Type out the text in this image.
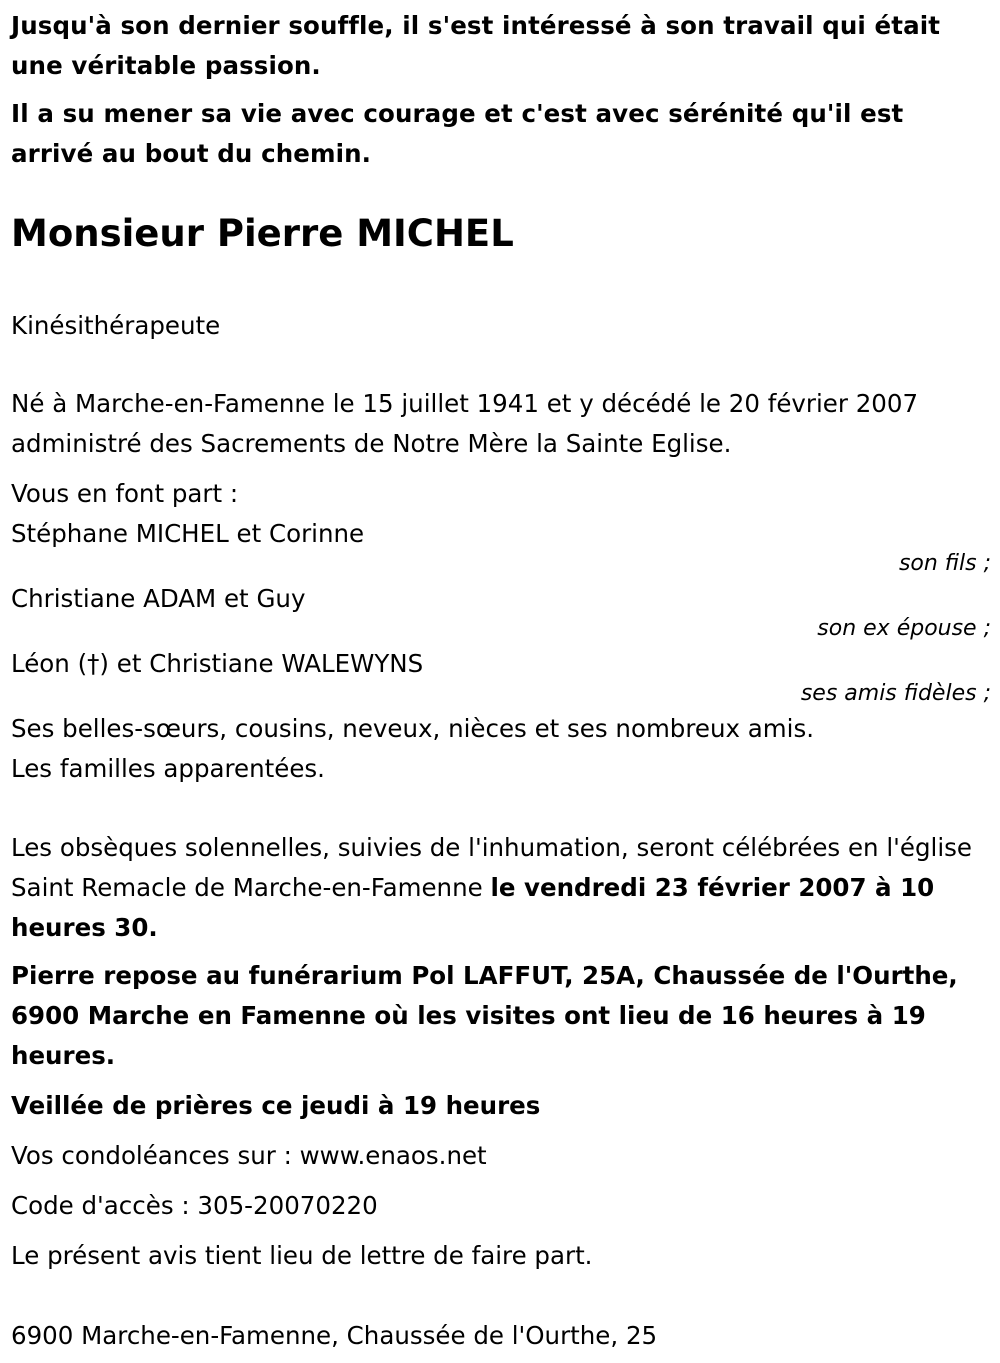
Jusqu'à son dernier souffle, il s'est intéressé à son travail qui était une véritable passion.

Il a su mener sa vie avec courage et c'est avec sérénité qu'il est arrivé au bout du chemin.

Monsieur Pierre MICHEL

Kinésithérapeute

Né à Marche-en-Famenne le 15 juillet 1941 et y décédé le 20 février 2007 administré des Sacrements de Notre Mère la Sainte Eglise.

Vous en font part :

Stéphane MICHEL et Corinne

son fils ;

Christiane ADAM et Guy

son ex épouse ;

Léon (†) et Christiane WALEWYNS

ses amis fidèles ;

Ses belles-sœurs, cousins, neveux, nièces et ses nombreux amis.

Les familles apparentées.

Les obsèques solennelles, suivies de l'inhumation, seront célébrées en l'église Saint Remacle de Marche-en-Famenne le vendredi 23 février 2007 à 10 heures 30.

Pierre repose au funérarium Pol LAFFUT, 25A, Chaussée de l'Ourthe, 6900 Marche en Famenne où les visites ont lieu de 16 heures à 19 heures.

Veillée de prières ce jeudi à 19 heures

Vos condoléances sur : www.enaos.net

Code d'accès : 305-20070220

Le présent avis tient lieu de lettre de faire part.

6900 Marche-en-Famenne, Chaussée de l'Ourthe, 25
